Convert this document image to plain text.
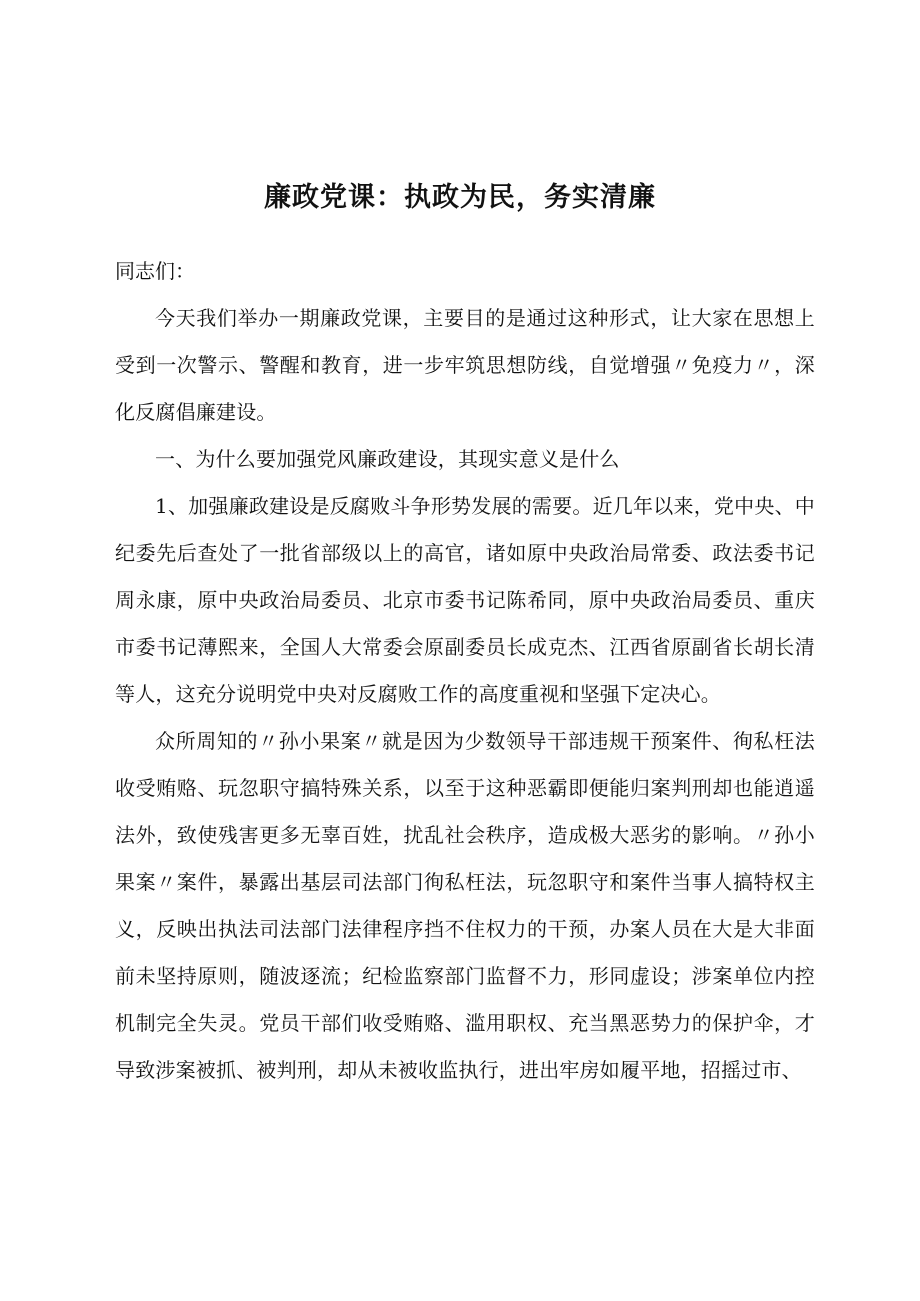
廉政党课：执政为民，务实清廉

同志们：

今天我们举办一期廉政党课，主要目的是通过这种形式，让大家在思想上受到一次警示、警醒和教育，进一步牢筑思想防线，自觉增强〃免疫力〃，深化反腐倡廉建设。

一、为什么要加强党风廉政建设，其现实意义是什么

1、加强廉政建设是反腐败斗争形势发展的需要。近几年以来，党中央、中纪委先后查处了一批省部级以上的高官，诸如原中央政治局常委、政法委书记周永康，原中央政治局委员、北京市委书记陈希同，原中央政治局委员、重庆市委书记薄熙来，全国人大常委会原副委员长成克杰、江西省原副省长胡长清等人，这充分说明党中央对反腐败工作的高度重视和坚强下定决心。

众所周知的〃孙小果案〃就是因为少数领导干部违规干预案件、徇私枉法收受贿赂、玩忽职守搞特殊关系，以至于这种恶霸即便能归案判刑却也能逍遥法外，致使残害更多无辜百姓，扰乱社会秩序，造成极大恶劣的影响。〃孙小果案〃案件，暴露出基层司法部门徇私枉法，玩忽职守和案件当事人搞特权主义，反映出执法司法部门法律程序挡不住权力的干预，办案人员在大是大非面前未坚持原则，随波逐流；纪检监察部门监督不力，形同虚设；涉案单位内控机制完全失灵。党员干部们收受贿赂、滥用职权、充当黑恶势力的保护伞，才导致涉案被抓、被判刑，却从未被收监执行，进出牢房如履平地，招摇过市、
